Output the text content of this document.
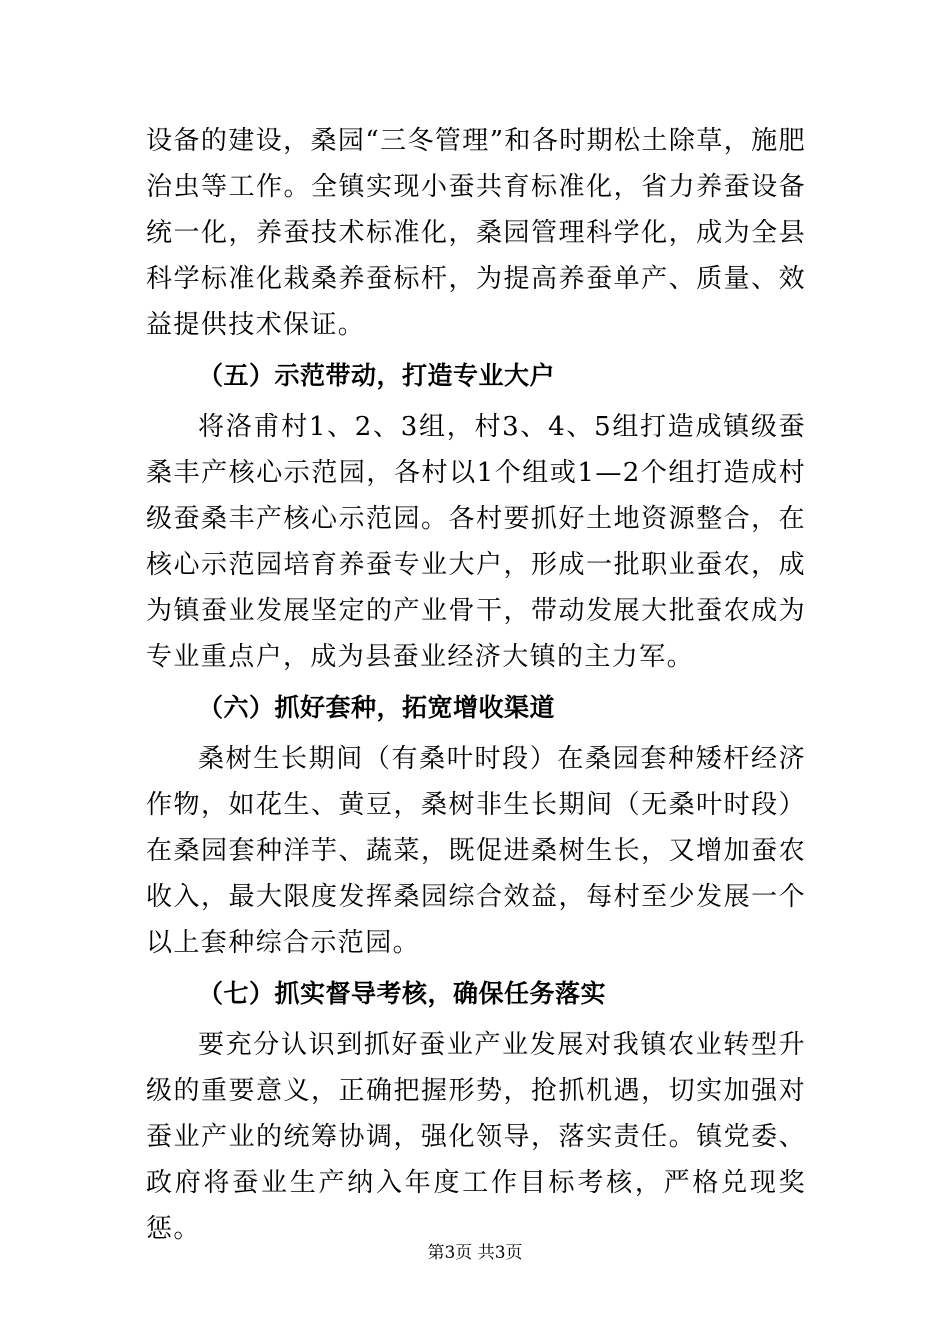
设备的建设，桑园“三冬管理”和各时期松土除草，施肥治虫等工作。全镇实现小蚕共育标准化，省力养蚕设备统一化，养蚕技术标准化，桑园管理科学化，成为全县科学标准化栽桑养蚕标杆，为提高养蚕单产、质量、效益提供技术保证。

（五）示范带动，打造专业大户

将洛甫村1、2、3组，村3、4、5组打造成镇级蚕桑丰产核心示范园，各村以1个组或1—2个组打造成村级蚕桑丰产核心示范园。各村要抓好土地资源整合，在核心示范园培育养蚕专业大户，形成一批职业蚕农，成为镇蚕业发展坚定的产业骨干，带动发展大批蚕农成为专业重点户，成为县蚕业经济大镇的主力军。

（六）抓好套种，拓宽增收渠道

桑树生长期间（有桑叶时段）在桑园套种矮杆经济作物，如花生、黄豆，桑树非生长期间（无桑叶时段）在桑园套种洋芋、蔬菜，既促进桑树生长，又增加蚕农收入，最大限度发挥桑园综合效益，每村至少发展一个以上套种综合示范园。

（七）抓实督导考核，确保任务落实

要充分认识到抓好蚕业产业发展对我镇农业转型升级的重要意义，正确把握形势，抢抓机遇，切实加强对蚕业产业的统筹协调，强化领导，落实责任。镇党委、政府将蚕业生产纳入年度工作目标考核，严格兑现奖惩。

第3页 共3页
